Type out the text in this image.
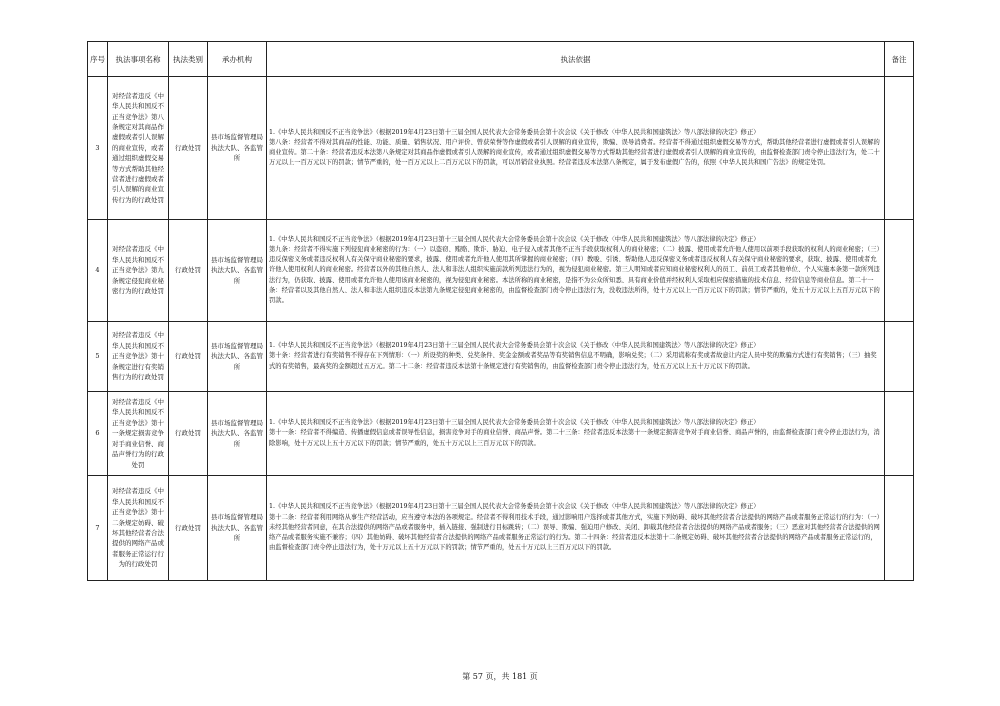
序号	执法事项名称	执法类别	承办机构	执法依据	备注
3	对经营者违反《中华人民共和国反不正当竞争法》第八条规定对其商品作虚假或者引人误解的商业宣传，或者通过组织虚假交易等方式帮助其他经营者进行虚假或者引人误解的商业宣传行为的行政处罚	行政处罚	县市场监督管理局执法大队、各监管所	1.《中华人民共和国反不正当竞争法》（根据2019年4月23日第十三届全国人民代表大会常务委员会第十次会议《关于修改〈中华人民共和国建筑法〉等八部法律的决定》修正）

第八条：经营者不得对其商品的性能、功能、质量、销售状况、用户评价、曾获荣誉等作虚假或者引人误解的商业宣传，欺骗、误导消费者。经营者不得通过组织虚假交易等方式，帮助其他经营者进行虚假或者引人误解的商业宣传。第二十条：经营者违反本法第八条规定对其商品作虚假或者引人误解的商业宣传，或者通过组织虚假交易等方式帮助其他经营者进行虚假或者引人误解的商业宣传的，由监督检查部门责令停止违法行为，处二十万元以上一百万元以下的罚款；情节严重的，处一百万元以上二百万元以下的罚款，可以吊销营业执照。经营者违反本法第八条规定，属于发布虚假广告的，依照《中华人民共和国广告法》的规定处罚。	

4	对经营者违反《中华人民共和国反不正当竞争法》第九条规定侵犯商业秘密行为的行政处罚	行政处罚	县市场监督管理局执法大队、各监管所	1.《中华人民共和国反不正当竞争法》（根据2019年4月23日第十三届全国人民代表大会常务委员会第十次会议《关于修改〈中华人民共和国建筑法〉等八部法律的决定》修正）

第九条：经营者不得实施下列侵犯商业秘密的行为：（一）以盗窃、贿赂、欺诈、胁迫、电子侵入或者其他不正当手段获取权利人的商业秘密；（二）披露、使用或者允许他人使用以前项手段获取的权利人的商业秘密；（三）违反保密义务或者违反权利人有关保守商业秘密的要求，披露、使用或者允许他人使用其所掌握的商业秘密；（四）教唆、引诱、帮助他人违反保密义务或者违反权利人有关保守商业秘密的要求，获取、披露、使用或者允许他人使用权利人的商业秘密。经营者以外的其他自然人、法人和非法人组织实施前款所列违法行为的，视为侵犯商业秘密。第三人明知或者应知商业秘密权利人的员工、前员工或者其他单位、个人实施本条第一款所列违法行为，仍获取、披露、使用或者允许他人使用该商业秘密的，视为侵犯商业秘密。本法所称的商业秘密，是指不为公众所知悉、具有商业价值并经权利人采取相应保密措施的技术信息、经营信息等商业信息。第二十一条：经营者以及其他自然人、法人和非法人组织违反本法第九条规定侵犯商业秘密的，由监督检查部门责令停止违法行为，没收违法所得，处十万元以上一百万元以下的罚款；情节严重的，处五十万元以上五百万元以下的罚款。	

5	对经营者违反《中华人民共和国反不正当竞争法》第十条规定进行有奖销售行为的行政处罚	行政处罚	县市场监督管理局执法大队、各监管所	1.《中华人民共和国反不正当竞争法》（根据2019年4月23日第十三届全国人民代表大会常务委员会第十次会议《关于修改〈中华人民共和国建筑法〉等八部法律的决定》修正）

第十条：经营者进行有奖销售不得存在下列情形：（一）所设奖的种类、兑奖条件、奖金金额或者奖品等有奖销售信息不明确，影响兑奖；（二）采用谎称有奖或者故意让内定人员中奖的欺骗方式进行有奖销售；（三）抽奖式的有奖销售，最高奖的金额超过五万元。第二十二条：经营者违反本法第十条规定进行有奖销售的，由监督检查部门责令停止违法行为，处五万元以上五十万元以下的罚款。	

6	对经营者违反《中华人民共和国反不正当竞争法》第十一条规定损害竞争对手商业信誉、商品声誉行为的行政处罚	行政处罚	县市场监督管理局执法大队、各监管所	1.《中华人民共和国反不正当竞争法》（根据2019年4月23日第十三届全国人民代表大会常务委员会第十次会议《关于修改〈中华人民共和国建筑法〉等八部法律的决定》修正）

第十一条：经营者不得编造、传播虚假信息或者误导性信息，损害竞争对手的商业信誉、商品声誉。第二十三条：经营者违反本法第十一条规定损害竞争对手商业信誉、商品声誉的，由监督检查部门责令停止违法行为，消除影响，处十万元以上五十万元以下的罚款；情节严重的，处五十万元以上三百万元以下的罚款。	

7	对经营者违反《中华人民共和国反不正当竞争法》第十二条规定妨碍、破坏其他经营者合法提供的网络产品或者服务正常运行行为的行政处罚	行政处罚	县市场监督管理局执法大队、各监管所	1.《中华人民共和国反不正当竞争法》（根据2019年4月23日第十三届全国人民代表大会常务委员会第十次会议《关于修改〈中华人民共和国建筑法〉等八部法律的决定》修正）

第十二条：经营者利用网络从事生产经营活动，应当遵守本法的各项规定。经营者不得利用技术手段，通过影响用户选择或者其他方式，实施下列妨碍、破坏其他经营者合法提供的网络产品或者服务正常运行的行为：（一）未经其他经营者同意，在其合法提供的网络产品或者服务中，插入链接、强制进行目标跳转；（二）误导、欺骗、强迫用户修改、关闭、卸载其他经营者合法提供的网络产品或者服务；（三）恶意对其他经营者合法提供的网络产品或者服务实施不兼容；（四）其他妨碍、破坏其他经营者合法提供的网络产品或者服务正常运行的行为。第二十四条：经营者违反本法第十二条规定妨碍、破坏其他经营者合法提供的网络产品或者服务正常运行的，由监督检查部门责令停止违法行为，处十万元以上五十万元以下的罚款；情节严重的，处五十万元以上三百万元以下的罚款。	

第 57 页，共 181 页
